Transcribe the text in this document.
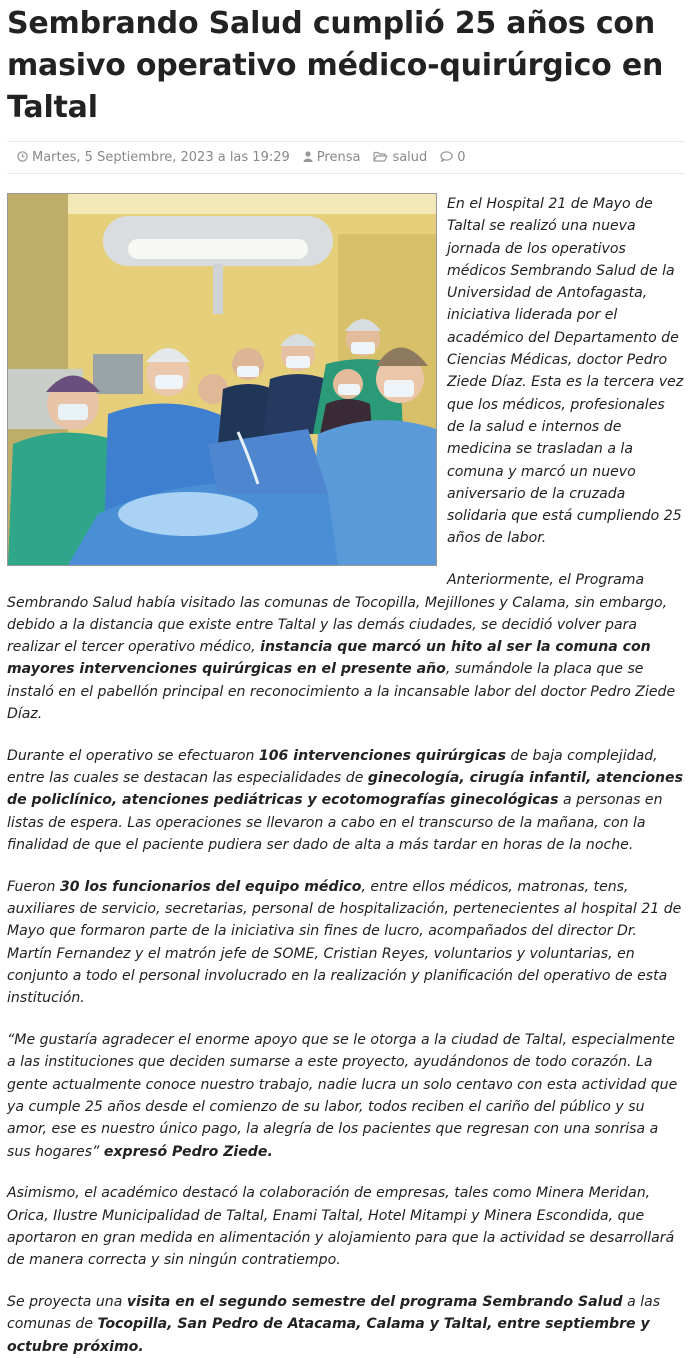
Sembrando Salud cumplió 25 años con masivo operativo médico-quirúrgico en Taltal
Martes, 5 Septiembre, 2023 a las 19:29 Prensa salud 0

En el Hospital 21 de Mayo de Taltal se realizó una nueva jornada de los operativos médicos Sembrando Salud de la Universidad de Antofagasta, iniciativa liderada por el académico del Departamento de Ciencias Médicas, doctor Pedro Ziede Díaz. Esta es la tercera vez que los médicos, profesionales de la salud e internos de medicina se trasladan a la comuna y marcó un nuevo aniversario de la cruzada solidaria que está cumpliendo 25 años de labor.

Anteriormente, el Programa Sembrando Salud había visitado las comunas de Tocopilla, Mejillones y Calama, sin embargo, debido a la distancia que existe entre Taltal y las demás ciudades, se decidió volver para realizar el tercer operativo médico, instancia que marcó un hito al ser la comuna con mayores intervenciones quirúrgicas en el presente año, sumándole la placa que se instaló en el pabellón principal en reconocimiento a la incansable labor del doctor Pedro Ziede Díaz.

Durante el operativo se efectuaron 106 intervenciones quirúrgicas de baja complejidad, entre las cuales se destacan las especialidades de ginecología, cirugía infantil, atenciones de policlínico, atenciones pediátricas y ecotomografías ginecológicas a personas en listas de espera. Las operaciones se llevaron a cabo en el transcurso de la mañana, con la finalidad de que el paciente pudiera ser dado de alta a más tardar en horas de la noche.

Fueron 30 los funcionarios del equipo médico, entre ellos médicos, matronas, tens, auxiliares de servicio, secretarias, personal de hospitalización, pertenecientes al hospital 21 de Mayo que formaron parte de la iniciativa sin fines de lucro, acompañados del director Dr. Martín Fernandez y el matrón jefe de SOME, Cristian Reyes, voluntarios y voluntarias, en conjunto a todo el personal involucrado en la realización y planificación del operativo de esta institución.

“Me gustaría agradecer el enorme apoyo que se le otorga a la ciudad de Taltal, especialmente a las instituciones que deciden sumarse a este proyecto, ayudándonos de todo corazón. La gente actualmente conoce nuestro trabajo, nadie lucra un solo centavo con esta actividad que ya cumple 25 años desde el comienzo de su labor, todos reciben el cariño del público y su amor, ese es nuestro único pago, la alegría de los pacientes que regresan con una sonrisa a sus hogares” expresó Pedro Ziede.

Asimismo, el académico destacó la colaboración de empresas, tales como Minera Meridan, Orica, Ilustre Municipalidad de Taltal, Enami Taltal, Hotel Mitampi y Minera Escondida, que aportaron en gran medida en alimentación y alojamiento para que la actividad se desarrollará de manera correcta y sin ningún contratiempo.

Se proyecta una visita en el segundo semestre del programa Sembrando Salud a las comunas de Tocopilla, San Pedro de Atacama, Calama y Taltal, entre septiembre y octubre próximo.
